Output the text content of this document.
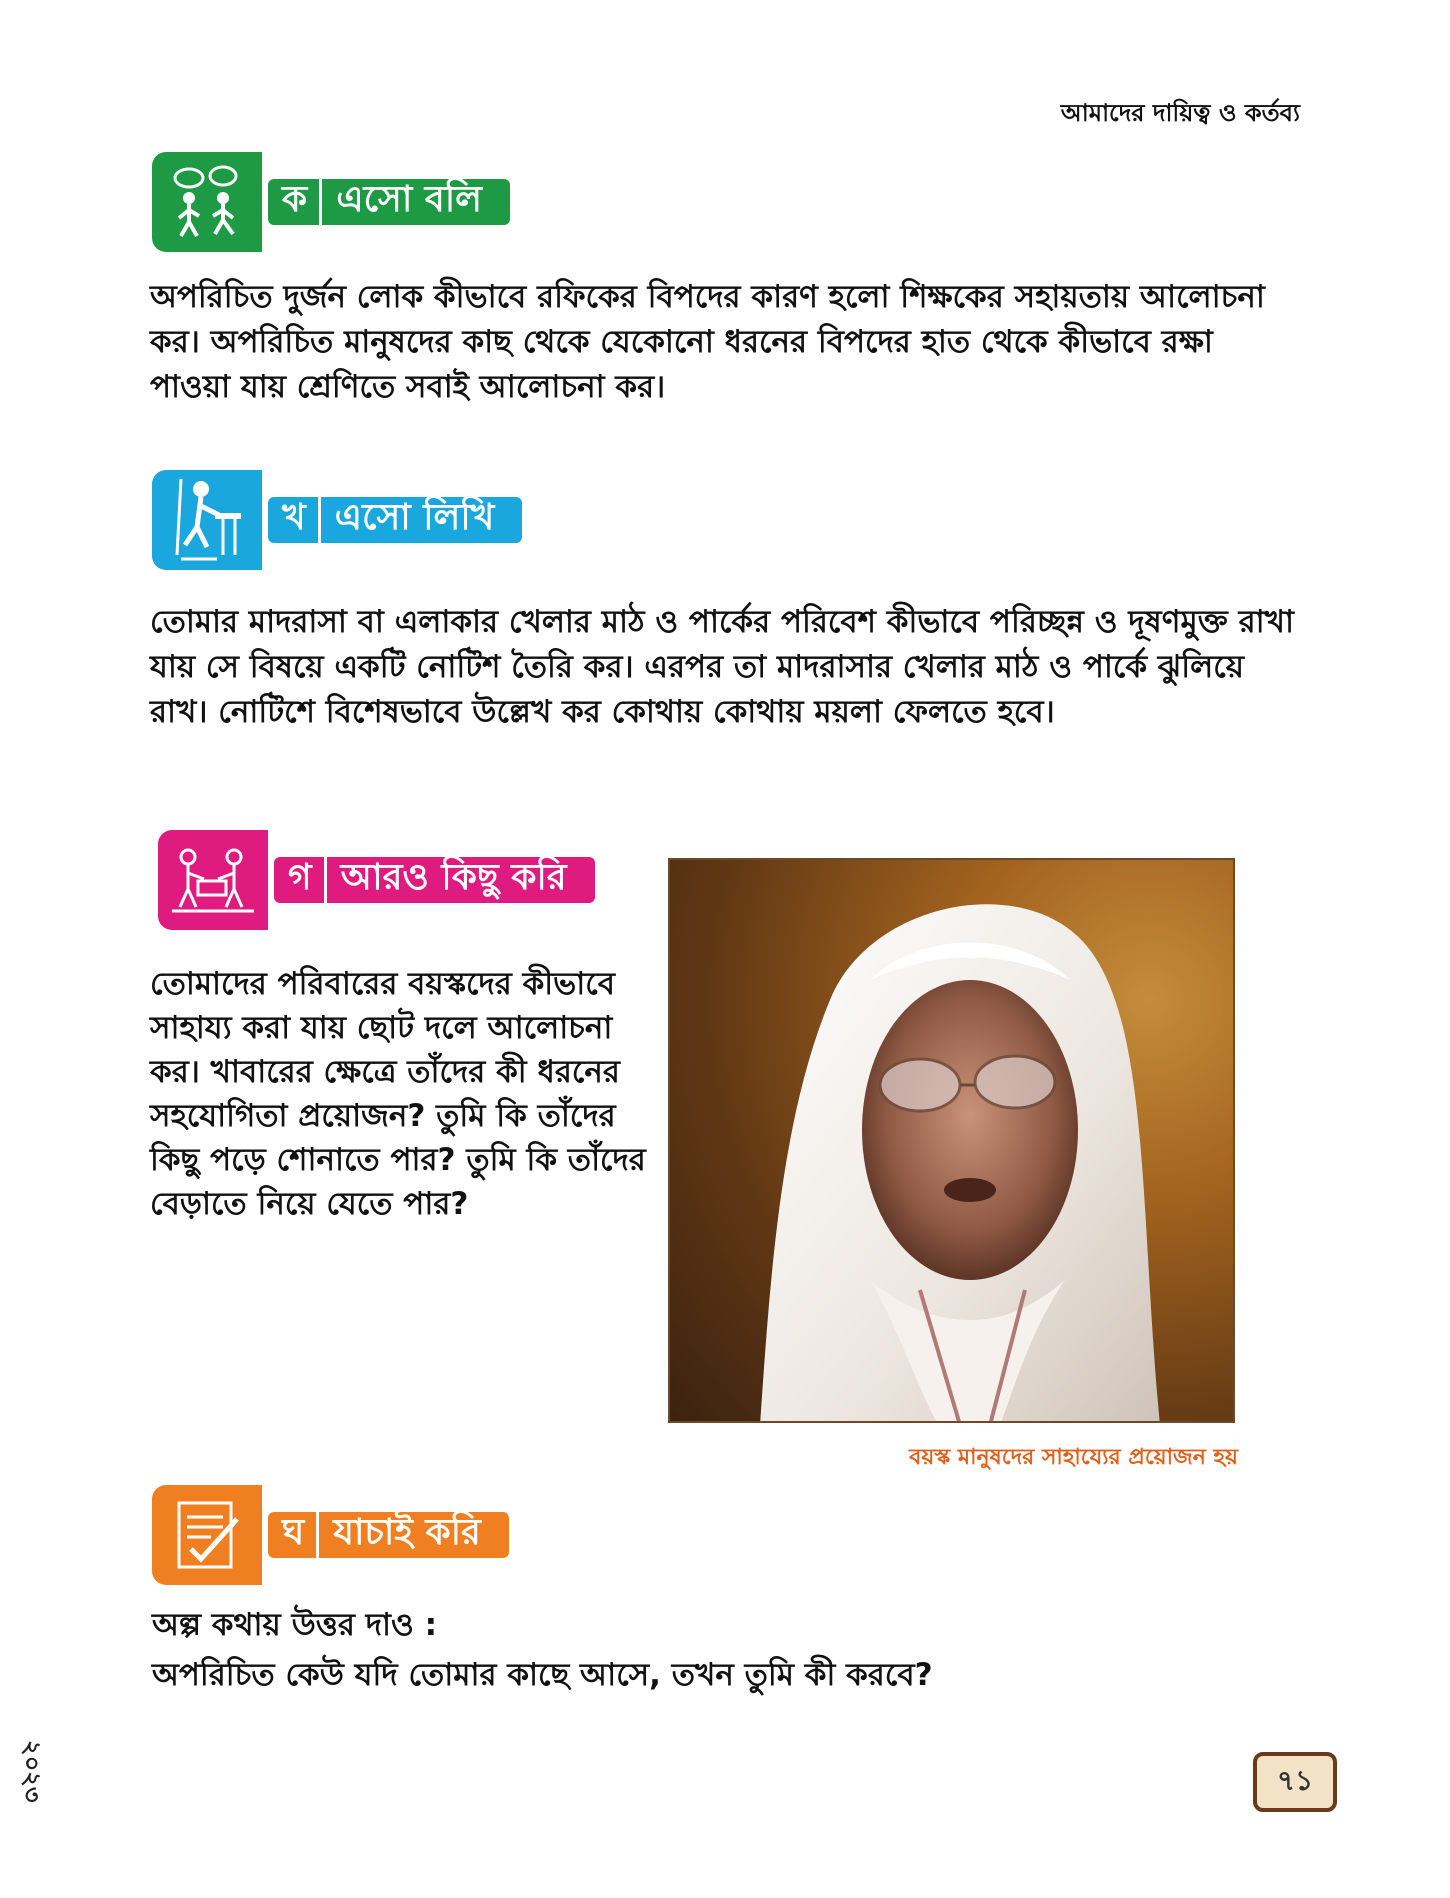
আমাদের দায়িত্ব ও কর্তব্য
ক এসো বলি
অপরিচিত দুর্জন লোক কীভাবে রফিকের বিপদের কারণ হলো শিক্ষকের সহায়তায় আলোচনা কর। অপরিচিত মানুষদের কাছ থেকে যেকোনো ধরনের বিপদের হাত থেকে কীভাবে রক্ষা পাওয়া যায় শ্রেণিতে সবাই আলোচনা কর।
খ এসো লিখি
তোমার মাদরাসা বা এলাকার খেলার মাঠ ও পার্কের পরিবেশ কীভাবে পরিচ্ছন্ন ও দূষণমুক্ত রাখা যায় সে বিষয়ে একটি নোটিশ তৈরি কর। এরপর তা মাদরাসার খেলার মাঠ ও পার্কে ঝুলিয়ে রাখ। নোটিশে বিশেষভাবে উল্লেখ কর কোথায় কোথায় ময়লা ফেলতে হবে।
গ আরও কিছু করি
তোমাদের পরিবারের বয়স্কদের কীভাবে সাহায্য করা যায় ছোট দলে আলোচনা কর। খাবারের ক্ষেত্রে তাঁদের কী ধরনের সহযোগিতা প্রয়োজন? তুমি কি তাঁদের কিছু পড়ে শোনাতে পার? তুমি কি তাঁদের বেড়াতে নিয়ে যেতে পার?
বয়স্ক মানুষদের সাহায্যের প্রয়োজন হয়
ঘ যাচাই করি
অল্প কথায় উত্তর দাও :
অপরিচিত কেউ যদি তোমার কাছে আসে, তখন তুমি কী করবে?
২০২৩	৭১
